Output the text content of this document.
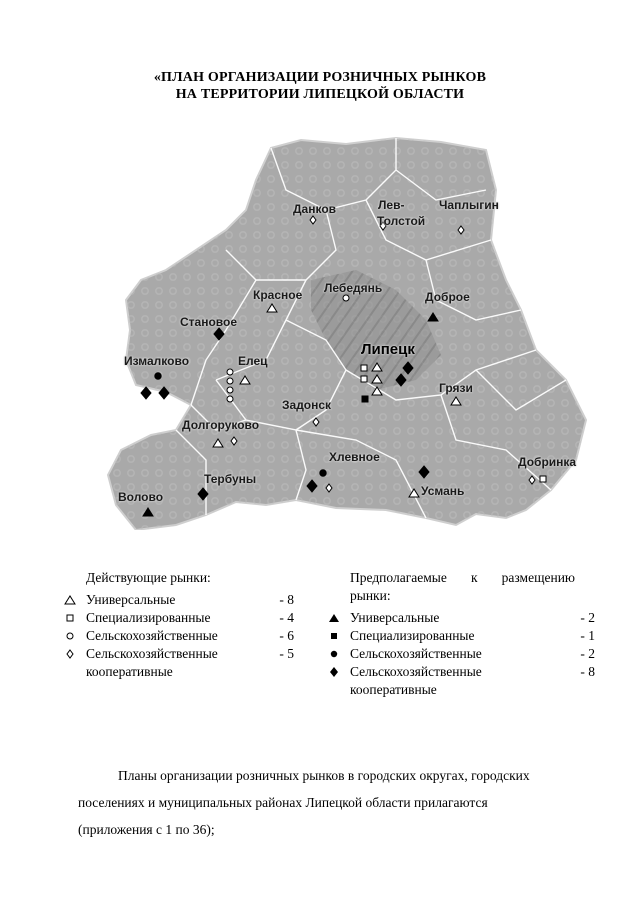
«ПЛАН ОРГАНИЗАЦИИ РОЗНИЧНЫХ РЫНКОВ
НА ТЕРРИТОРИИ ЛИПЕЦКОЙ ОБЛАСТИ
Данков	Лев-
Толстой
Чаплыгин
Лебедянь
Красное	Доброе
Становое
Липецк
Измалково	Елец
Грязи
Задонск
Долгоруково
Хлевное	Добринка
Тербуны
Усмань
Волово
Действующие рынки:
Универсальные	- 8
Специализированные	- 4
Сельскохозяйственные	- 6
Сельскохозяйственные кооперативные
- 5
Предполагаемые к размещению рынки:
Универсальные	- 2
Специализированные	- 1
Сельскохозяйственные	- 2
Сельскохозяйственные кооперативные
- 8
Планы организации розничных рынков в городских округах, городских
поселениях и муниципальных районах Липецкой области прилагаются
(приложения с 1 по 36);
